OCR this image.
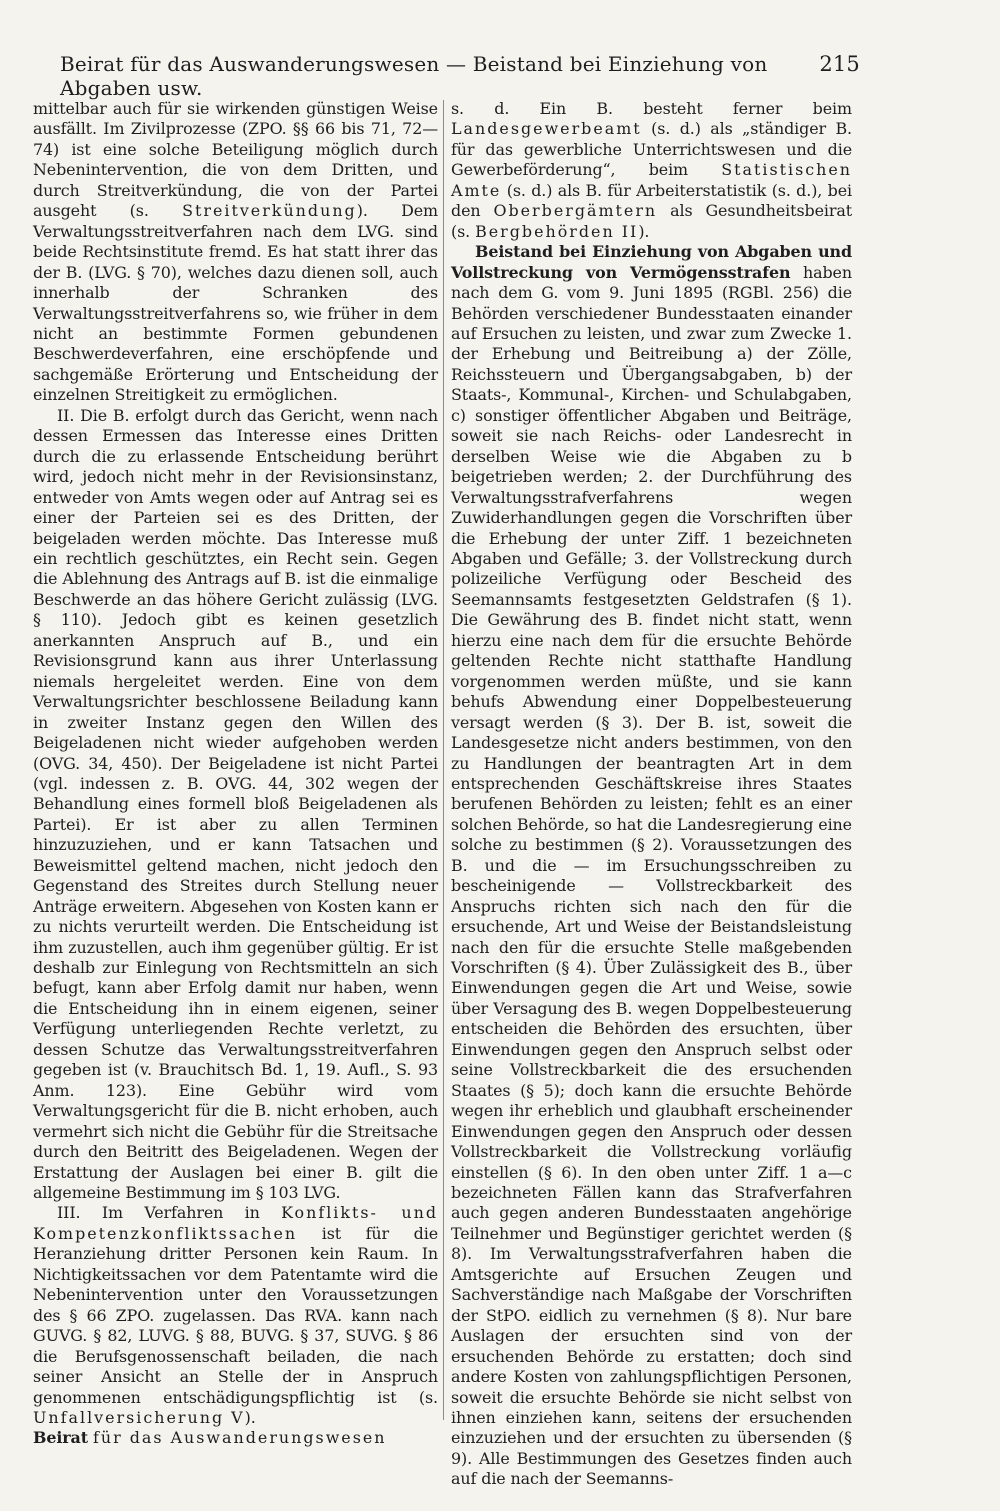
Beirat für das Auswanderungswesen — Beistand bei Einziehung von Abgaben usw.
215

mittelbar auch für sie wirkenden günstigen Weise ausfällt. Im Zivilprozesse (ZPO. §§ 66 bis 71, 72—74) ist eine solche Beteiligung möglich durch Nebenintervention, die von dem Dritten, und durch Streitverkündung, die von der Partei ausgeht (s. Streitverkündung). Dem Verwaltungsstreitverfahren nach dem LVG. sind beide Rechtsinstitute fremd. Es hat statt ihrer das der B. (LVG. § 70), welches dazu dienen soll, auch innerhalb der Schranken des Verwaltungsstreitverfahrens so, wie früher in dem nicht an bestimmte Formen gebundenen Beschwerdeverfahren, eine erschöpfende und sachgemäße Erörterung und Entscheidung der einzelnen Streitigkeit zu ermöglichen.

II. Die B. erfolgt durch das Gericht, wenn nach dessen Ermessen das Interesse eines Dritten durch die zu erlassende Entscheidung berührt wird, jedoch nicht mehr in der Revisionsinstanz, entweder von Amts wegen oder auf Antrag sei es einer der Parteien sei es des Dritten, der beigeladen werden möchte. Das Interesse muß ein rechtlich geschütztes, ein Recht sein. Gegen die Ablehnung des Antrags auf B. ist die einmalige Beschwerde an das höhere Gericht zulässig (LVG. § 110). Jedoch gibt es keinen gesetzlich anerkannten Anspruch auf B., und ein Revisionsgrund kann aus ihrer Unterlassung niemals hergeleitet werden. Eine von dem Verwaltungsrichter beschlossene Beiladung kann in zweiter Instanz gegen den Willen des Beigeladenen nicht wieder aufgehoben werden (OVG. 34, 450). Der Beigeladene ist nicht Partei (vgl. indessen z. B. OVG. 44, 302 wegen der Behandlung eines formell bloß Beigeladenen als Partei). Er ist aber zu allen Terminen hinzuzuziehen, und er kann Tatsachen und Beweismittel geltend machen, nicht jedoch den Gegenstand des Streites durch Stellung neuer Anträge erweitern. Abgesehen von Kosten kann er zu nichts verurteilt werden. Die Entscheidung ist ihm zuzustellen, auch ihm gegenüber gültig. Er ist deshalb zur Einlegung von Rechtsmitteln an sich befugt, kann aber Erfolg damit nur haben, wenn die Entscheidung ihn in einem eigenen, seiner Verfügung unterliegenden Rechte verletzt, zu dessen Schutze das Verwaltungsstreitverfahren gegeben ist (v. Brauchitsch Bd. 1, 19. Aufl., S. 93 Anm. 123). Eine Gebühr wird vom Verwaltungsgericht für die B. nicht erhoben, auch vermehrt sich nicht die Gebühr für die Streitsache durch den Beitritt des Beigeladenen. Wegen der Erstattung der Auslagen bei einer B. gilt die allgemeine Bestimmung im § 103 LVG.

III. Im Verfahren in Konflikts- und Kompetenzkonfliktssachen ist für die Heranziehung dritter Personen kein Raum. In Nichtigkeitssachen vor dem Patentamte wird die Nebenintervention unter den Voraussetzungen des § 66 ZPO. zugelassen. Das RVA. kann nach GUVG. § 82, LUVG. § 88, BUVG. § 37, SUVG. § 86 die Berufsgenossenschaft beiladen, die nach seiner Ansicht an Stelle der in Anspruch genommenen entschädigungspflichtig ist (s. Unfallversicherung V).

Beirat für das Auswanderungswesen

s. d. Ein B. besteht ferner beim Landesgewerbeamt (s. d.) als „ständiger B. für das gewerbliche Unterrichtswesen und die Gewerbeförderung“, beim Statistischen Amte (s. d.) als B. für Arbeiterstatistik (s. d.), bei den Oberbergämtern als Gesundheitsbeirat (s. Bergbehörden II).

Beistand bei Einziehung von Abgaben und Vollstreckung von Vermögensstrafen haben nach dem G. vom 9. Juni 1895 (RGBl. 256) die Behörden verschiedener Bundesstaaten einander auf Ersuchen zu leisten, und zwar zum Zwecke 1. der Erhebung und Beitreibung a) der Zölle, Reichssteuern und Übergangsabgaben, b) der Staats-, Kommunal-, Kirchen- und Schulabgaben, c) sonstiger öffentlicher Abgaben und Beiträge, soweit sie nach Reichs- oder Landesrecht in derselben Weise wie die Abgaben zu b beigetrieben werden; 2. der Durchführung des Verwaltungsstrafverfahrens wegen Zuwiderhandlungen gegen die Vorschriften über die Erhebung der unter Ziff. 1 bezeichneten Abgaben und Gefälle; 3. der Vollstreckung durch polizeiliche Verfügung oder Bescheid des Seemannsamts festgesetzten Geldstrafen (§ 1). Die Gewährung des B. findet nicht statt, wenn hierzu eine nach dem für die ersuchte Behörde geltenden Rechte nicht statthafte Handlung vorgenommen werden müßte, und sie kann behufs Abwendung einer Doppelbesteuerung versagt werden (§ 3). Der B. ist, soweit die Landesgesetze nicht anders bestimmen, von den zu Handlungen der beantragten Art in dem entsprechenden Geschäftskreise ihres Staates berufenen Behörden zu leisten; fehlt es an einer solchen Behörde, so hat die Landesregierung eine solche zu bestimmen (§ 2). Voraussetzungen des B. und die — im Ersuchungsschreiben zu bescheinigende — Vollstreckbarkeit des Anspruchs richten sich nach den für die ersuchende, Art und Weise der Beistandsleistung nach den für die ersuchte Stelle maßgebenden Vorschriften (§ 4). Über Zulässigkeit des B., über Einwendungen gegen die Art und Weise, sowie über Versagung des B. wegen Doppelbesteuerung entscheiden die Behörden des ersuchten, über Einwendungen gegen den Anspruch selbst oder seine Vollstreckbarkeit die des ersuchenden Staates (§ 5); doch kann die ersuchte Behörde wegen ihr erheblich und glaubhaft erscheinender Einwendungen gegen den Anspruch oder dessen Vollstreckbarkeit die Vollstreckung vorläufig einstellen (§ 6). In den oben unter Ziff. 1 a—c bezeichneten Fällen kann das Strafverfahren auch gegen anderen Bundesstaaten angehörige Teilnehmer und Begünstiger gerichtet werden (§ 8). Im Verwaltungsstrafverfahren haben die Amtsgerichte auf Ersuchen Zeugen und Sachverständige nach Maßgabe der Vorschriften der StPO. eidlich zu vernehmen (§ 8). Nur bare Auslagen der ersuchten sind von der ersuchenden Behörde zu erstatten; doch sind andere Kosten von zahlungspflichtigen Personen, soweit die ersuchte Behörde sie nicht selbst von ihnen einziehen kann, seitens der ersuchenden einzuziehen und der ersuchten zu übersenden (§ 9). Alle Bestimmungen des Gesetzes finden auch auf die nach der Seemanns-
